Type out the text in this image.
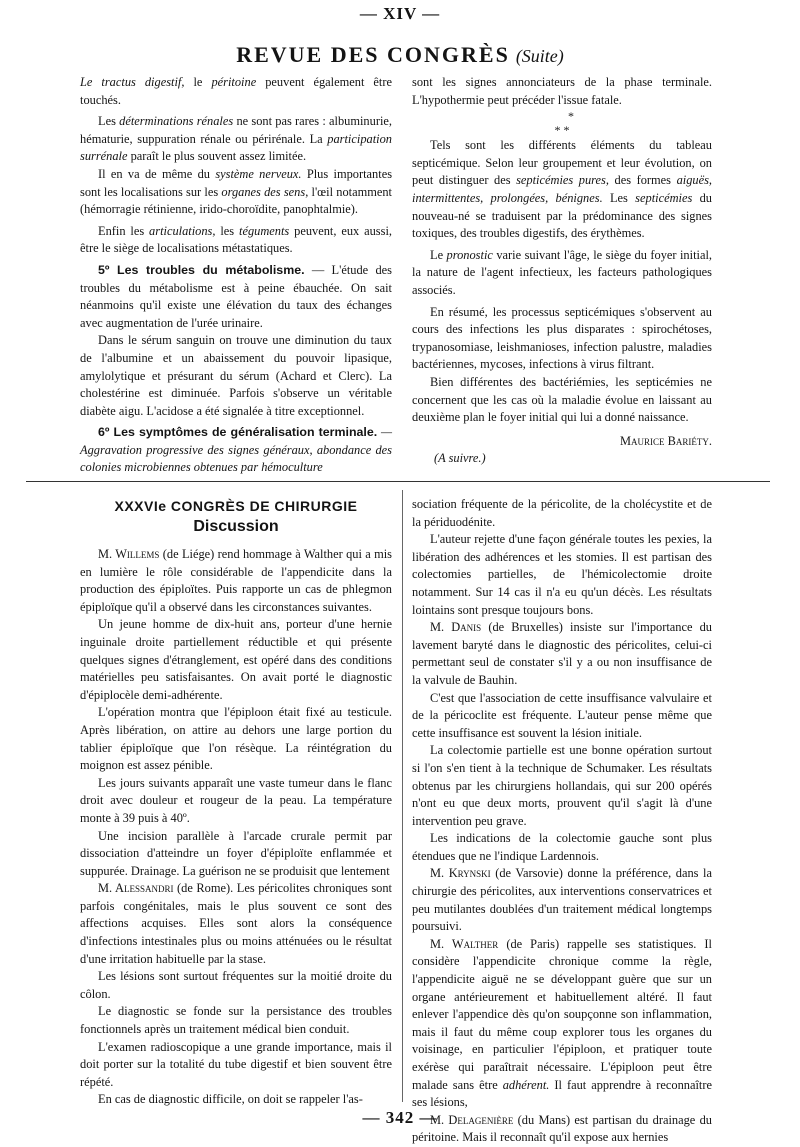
— XIV —
REVUE DES CONGRÈS (Suite)

Le tractus digestif, le péritoine peuvent également être touchés.

Les déterminations rénales ne sont pas rares : albuminurie, hématurie, suppuration rénale ou périrénale. La participation surrénale paraît le plus souvent assez limitée.

Il en va de même du système nerveux. Plus importantes sont les localisations sur les organes des sens, l'œil notamment (hémorragie rétinienne, irido-choroïdite, panophtalmie).

Enfin les articulations, les téguments peuvent, eux aussi, être le siège de localisations métastatiques.

5º Les troubles du métabolisme. — L'étude des troubles du métabolisme est à peine ébauchée. On sait néanmoins qu'il existe une élévation du taux des échanges avec augmentation de l'urée urinaire.

Dans le sérum sanguin on trouve une diminution du taux de l'albumine et un abaissement du pouvoir lipasique, amylolytique et présurant du sérum (Achard et Clerc). La cholestérine est diminuée. Parfois s'observe un véritable diabète aigu. L'acidose a été signalée à titre exceptionnel.

6º Les symptômes de généralisation terminale. — Aggravation progressive des signes généraux, abondance des colonies microbiennes obtenues par hémoculture

sont les signes annonciateurs de la phase terminale. L'hypothermie peut précéder l'issue fatale.

*
* *

Tels sont les différents éléments du tableau septicémique. Selon leur groupement et leur évolution, on peut distinguer des septicémies pures, des formes aiguës, intermittentes, prolongées, bénignes. Les septicémies du nouveau-né se traduisent par la prédominance des signes toxiques, des troubles digestifs, des érythèmes.

Le pronostic varie suivant l'âge, le siège du foyer initial, la nature de l'agent infectieux, les facteurs pathologiques associés.

En résumé, les processus septicémiques s'observent au cours des infections les plus disparates : spirochétoses, trypanosomiase, leishmanioses, infection palustre, maladies bactériennes, mycoses, infections à virus filtrant.

Bien différentes des bactériémies, les septicémies ne concernent que les cas où la maladie évolue en laissant au deuxième plan le foyer initial qui lui a donné naissance.

Maurice Bariéty.

(A suivre.)

XXXVIe CONGRÈS DE CHIRURGIE
Discussion

M. Willems (de Liége) rend hommage à Walther qui a mis en lumière le rôle considérable de l'appendicite dans la production des épiploïtes. Puis rapporte un cas de phlegmon épiploïque qu'il a observé dans les circonstances suivantes.

Un jeune homme de dix-huit ans, porteur d'une hernie inguinale droite partiellement réductible et qui présente quelques signes d'étranglement, est opéré dans des conditions matérielles peu satisfaisantes. On avait porté le diagnostic d'épiplocèle demi-adhérente.

L'opération montra que l'épiploon était fixé au testicule. Après libération, on attire au dehors une large portion du tablier épiploïque que l'on résèque. La réintégration du moignon est assez pénible.

Les jours suivants apparaît une vaste tumeur dans le flanc droit avec douleur et rougeur de la peau. La température monte à 39 puis à 40º.

Une incision parallèle à l'arcade crurale permit par dissociation d'atteindre un foyer d'épiploïte enflammée et suppurée. Drainage. La guérison ne se produisit que lentement

M. Alessandri (de Rome). Les péricolites chroniques sont parfois congénitales, mais le plus souvent ce sont des affections acquises. Elles sont alors la conséquence d'infections intestinales plus ou moins atténuées ou le résultat d'une irritation habituelle par la stase.

Les lésions sont surtout fréquentes sur la moitié droite du côlon.

Le diagnostic se fonde sur la persistance des troubles fonctionnels après un traitement médical bien conduit.

L'examen radioscopique a une grande importance, mais il doit porter sur la totalité du tube digestif et bien souvent être répété.

En cas de diagnostic difficile, on doit se rappeler l'as-

sociation fréquente de la péricolite, de la cholécystite et de la périduodénite.

L'auteur rejette d'une façon générale toutes les pexies, la libération des adhérences et les stomies. Il est partisan des colectomies partielles, de l'hémicolectomie droite notamment. Sur 14 cas il n'a eu qu'un décès. Les résultats lointains sont presque toujours bons.

M. Danis (de Bruxelles) insiste sur l'importance du lavement baryté dans le diagnostic des péricolites, celui-ci permettant seul de constater s'il y a ou non insuffisance de la valvule de Bauhin.

C'est que l'association de cette insuffisance valvulaire et de la péricoclite est fréquente. L'auteur pense même que cette insuffisance est souvent la lésion initiale.

La colectomie partielle est une bonne opération surtout si l'on s'en tient à la technique de Schumaker. Les résultats obtenus par les chirurgiens hollandais, qui sur 200 opérés n'ont eu que deux morts, prouvent qu'il s'agit là d'une intervention peu grave.

Les indications de la colectomie gauche sont plus étendues que ne l'indique Lardennois.

M. Krynski (de Varsovie) donne la préférence, dans la chirurgie des péricolites, aux interventions conservatrices et peu mutilantes doublées d'un traitement médical longtemps poursuivi.

M. Walther (de Paris) rappelle ses statistiques. Il considère l'appendicite chronique comme la règle, l'appendicite aiguë ne se développant guère que sur un organe antérieurement et habituellement altéré. Il faut enlever l'appendice dès qu'on soupçonne son inflammation, mais il faut du même coup explorer tous les organes du voisinage, en particulier l'épiploon, et pratiquer toute exérèse qui paraîtrait nécessaire. L'épiploon peut être malade sans être adhérent. Il faut apprendre à reconnaître ses lésions,

M. Delagenière (du Mans) est partisan du drainage du péritoine. Mais il reconnaît qu'il expose aux hernies

— 342 —
